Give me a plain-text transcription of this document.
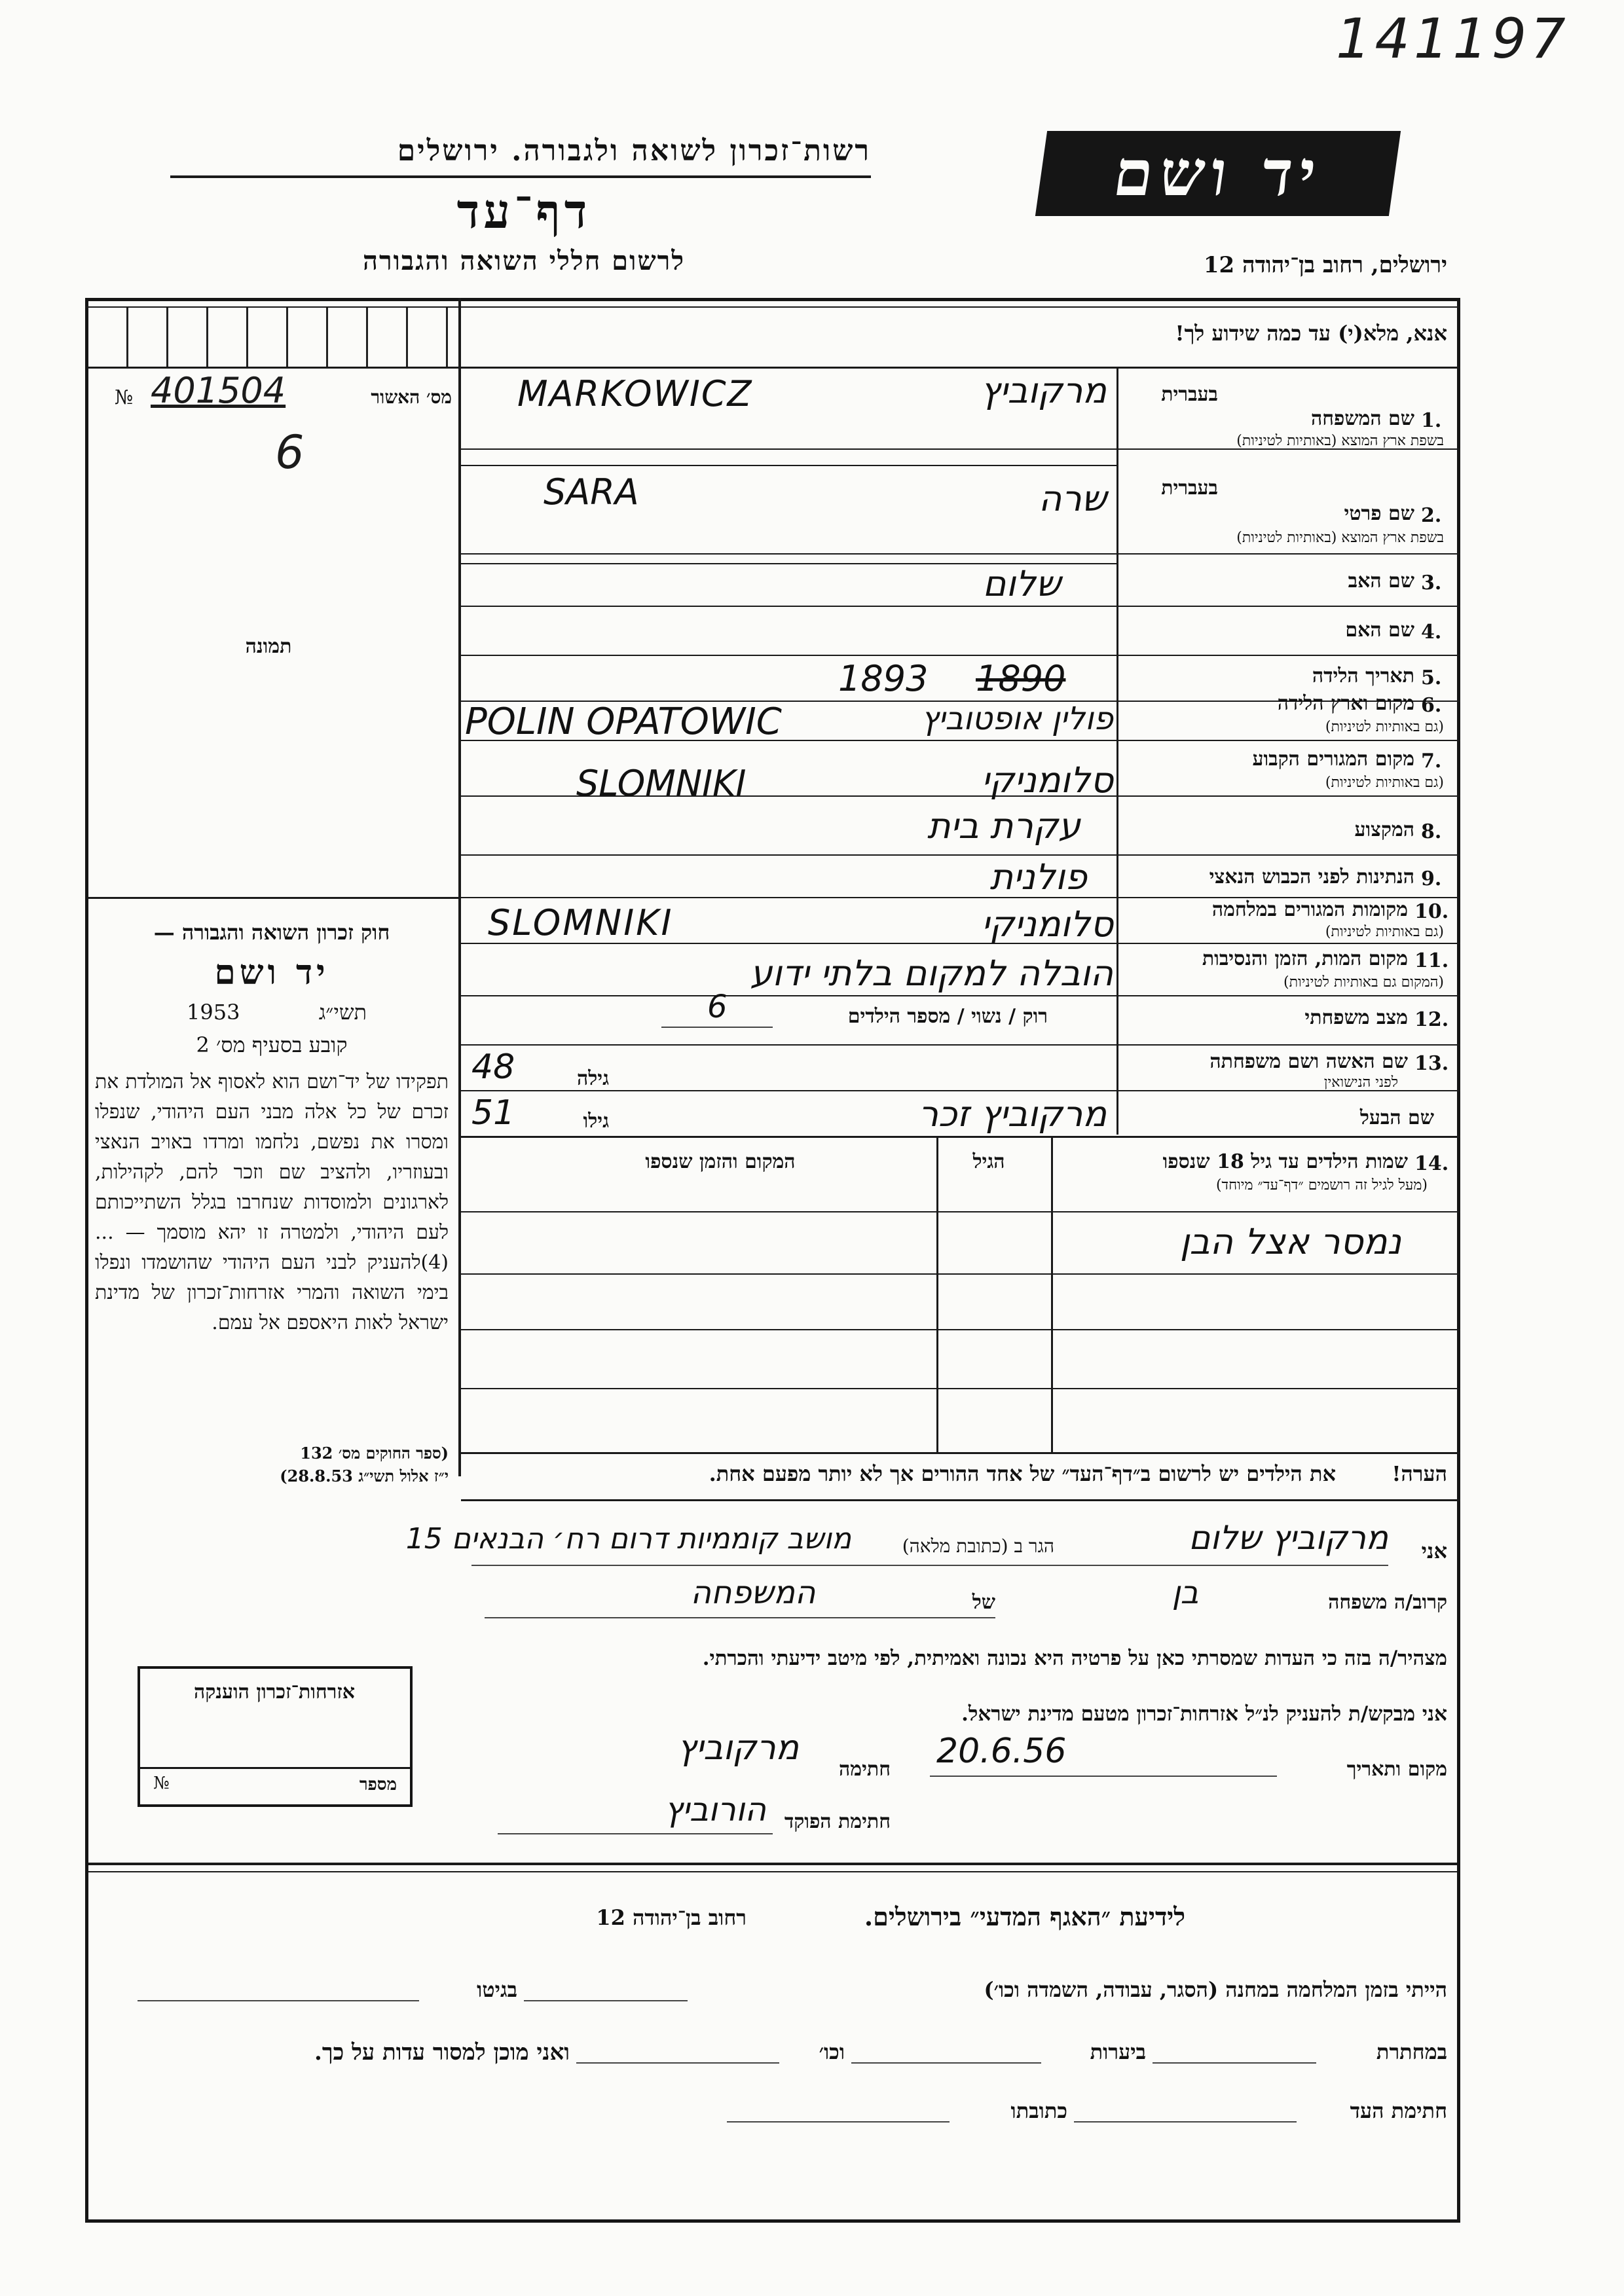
141197
רשות־זכרון לשואה ולגבורה. ירושלים
דף־עד
לרשום חללי השואה והגבורה
יד ושם
ירושלים, רחוב בן־יהודה 12
אנא, מלא(י) עד כמה שידוע לך!
מס׳ האשור
№ 401504
6
תמונה
חוק זכרון השואה והגבורה —
יד ושם
תשי״ג
1953
קובע בסעיף מס׳ 2
תפקידו של יד־ושם הוא לאסוף אל המולדת את זכרם של כל אלה מבני העם היהודי, שנפלו ומסרו את נפשם, נלחמו ומרדו באויב הנאצי ובעוזריו, ולהציב שם וזכר להם, לקהילות, לארגונים ולמוסדות שנחרבו בגלל השתייכותם לעם היהודי, ולמטרה זו יהא מוסמך — ...(4)להעניק לבני העם היהודי שהושמדו ונפלו בימי השואה והמרי אזרחות־זכרון של מדינת ישראל לאות היאספם אל עמם.
(ספר החוקים מס׳ 132
י״ז אלול תשי״ג 28.8.53)
בעברית
1.
שם המשפחה
בשפת ארץ המוצא (באותיות לטיניות)
מרקוביץ
MARKOWICZ
בעברית
2.
שם פרטי
בשפת ארץ המוצא (באותיות לטיניות)
שרה
SARA
3.
שם האב
שלום
4.
שם האם
5.
תאריך הלידה
1893 1890
6.
מקום וארץ הלידה
(גם באותיות לטיניות)
פולין אופטוביץ
POLIN OPATOWIC
7.
מקום המגורים הקבוע
(גם באותיות לטיניות)
סלומניקי
SLOMNIKI
8.
המקצוע
עקרת בית
9.
הנתינות לפני הכבוש הנאצי
פולנית
10.
מקומות המגורים במלחמה
(גם באותיות לטיניות)
סלומניקי
SLOMNIKI
11.
מקום המות, הזמן והנסיבות
(המקום גם באותיות לטיניות)
הובלה למקום בלתי ידוע
12.
מצב משפחתי
רוק / נשוי / מספר הילדים
6
13.
שם האשה ושם משפחתה
לפני הנישואין
גילה
48
שם הבעל
גילו
51	מרקוביץ זכר
14.
שמות הילדים עד גיל 18 שנספו
(מעל לגיל זה רושמים ״דף־עד״ מיוחד)
הגיל
המקום והזמן שנספו
נמסר אצל הבן
הערה!
את הילדים יש לרשום ב״דף־העד״ של אחד ההורים אך לא יותר מפעם אחת.
אני
מרקוביץ שלום
הגר ב (כתובת מלאה)
מושב קוממיות דרום רח׳ הבנאים 15
קרוב/ה משפחה
בן
של
המשפחה
מצהיר/ה בזה כי העדות שמסרתי כאן על פרטיה היא נכונה ואמיתית, לפי מיטב ידיעתי והכרתי.
אני מבקש/ת להעניק לנ״ל אזרחות־זכרון מטעם מדינת ישראל.
מקום ותאריך
20.6.56
חתימה
מרקוביץ
חתימת הפוקד
הורוביץ
אזרחות־זכרון הוענקה
מספר
№
לידיעת ״האגף המדעי״ בירושלים.
רחוב בן־יהודה 12
הייתי בזמן המלחמה במחנה (הסגר, עבודה, השמדה וכו׳)
בגיטו
במחתרת
ביערות
וכו׳
ואני מוכן למסור עדות על כך.
חתימת העד
כתובתו
